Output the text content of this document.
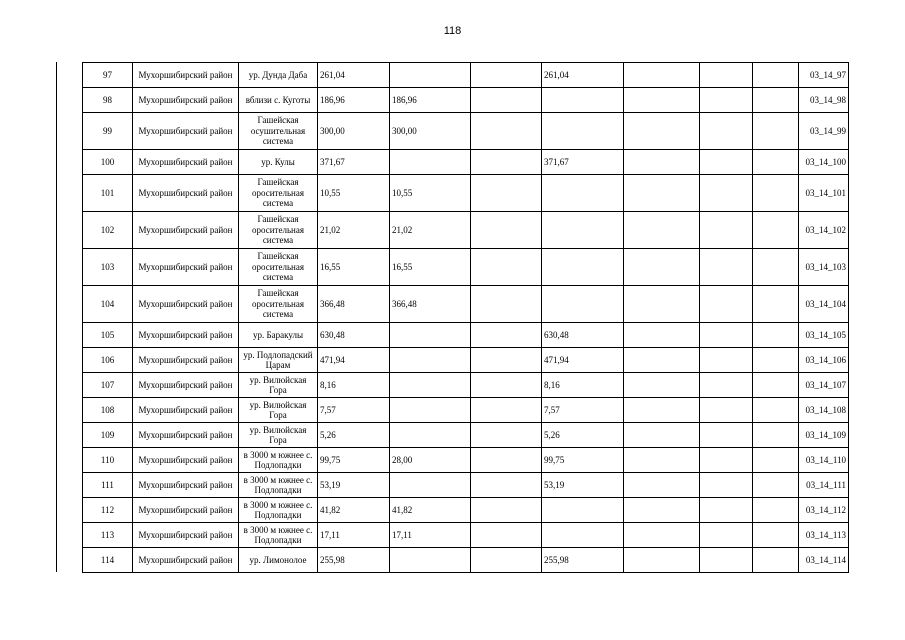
118
97	Мухоршибирский район	ур. Дунда Даба	261,04			261,04				03_14_97
98	Мухоршибирский район	вблизи с. Куготы	186,96	186,96						03_14_98
99	Мухоршибирский район	Гашейская осушительная система	300,00	300,00						03_14_99
100	Мухоршибирский район	ур. Кулы	371,67			371,67				03_14_100
101	Мухоршибирский район	Гашейская оросительная система	10,55	10,55						03_14_101
102	Мухоршибирский район	Гашейская оросительная система	21,02	21,02						03_14_102
103	Мухоршибирский район	Гашейская оросительная система	16,55	16,55						03_14_103
104	Мухоршибирский район	Гашейская оросительная система	366,48	366,48						03_14_104
105	Мухоршибирский район	ур. Баракулы	630,48			630,48				03_14_105
106	Мухоршибирский район	ур. Подлопадский Царам	471,94			471,94				03_14_106
107	Мухоршибирский район	ур. Вилюйская Гора	8,16			8,16				03_14_107
108	Мухоршибирский район	ур. Вилюйская Гора	7,57			7,57				03_14_108
109	Мухоршибирский район	ур. Вилюйская Гора	5,26			5,26				03_14_109
110	Мухоршибирский район	в 3000 м южнее с. Подлопадки	99,75	28,00		99,75				03_14_110
111	Мухоршибирский район	в 3000 м южнее с. Подлопадки	53,19			53,19				03_14_111
112	Мухоршибирский район	в 3000 м южнее с. Подлопадки	41,82	41,82						03_14_112
113	Мухоршибирский район	в 3000 м южнее с. Подлопадки	17,11	17,11						03_14_113
114	Мухоршибирский район	ур. Лимонолое	255,98			255,98				03_14_114
